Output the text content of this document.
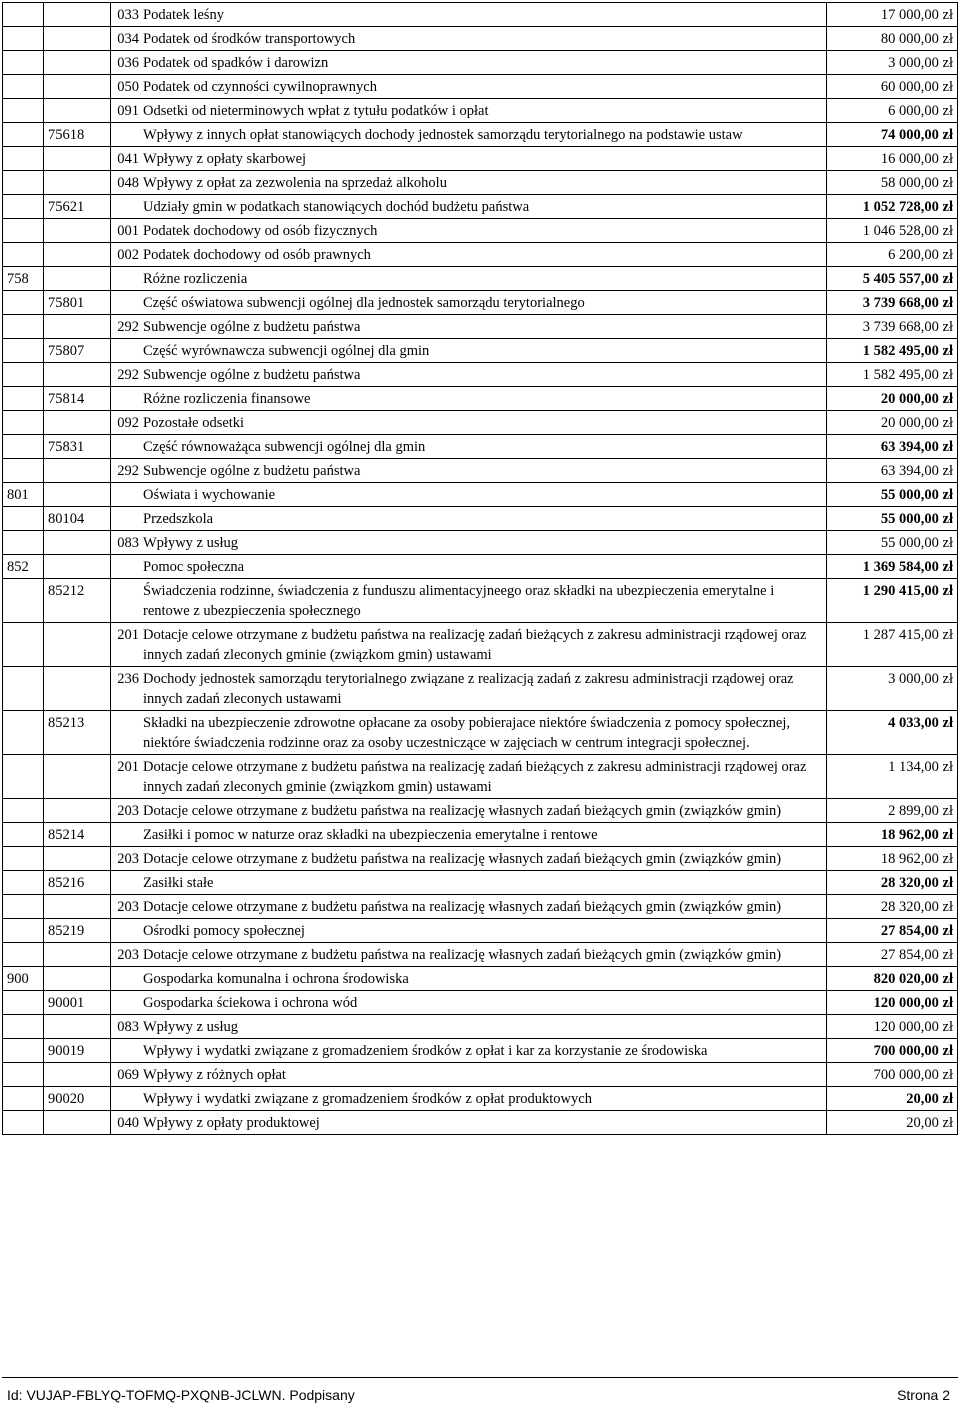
		033	Podatek leśny	17 000,00 zł
		034	Podatek od środków transportowych	80 000,00 zł
		036	Podatek od spadków i darowizn	3 000,00 zł
		050	Podatek od czynności cywilnoprawnych	60 000,00 zł
		091	Odsetki od nieterminowych wpłat z tytułu podatków i opłat	6 000,00 zł
	75618		Wpływy z innych opłat stanowiących dochody jednostek samorządu terytorialnego na podstawie ustaw	74 000,00 zł
		041	Wpływy z opłaty skarbowej	16 000,00 zł
		048	Wpływy z opłat za zezwolenia na sprzedaż alkoholu	58 000,00 zł
	75621		Udziały gmin w podatkach stanowiących dochód budżetu państwa	1 052 728,00 zł
		001	Podatek dochodowy od osób fizycznych	1 046 528,00 zł
		002	Podatek dochodowy od osób prawnych	6 200,00 zł
758			Różne rozliczenia	5 405 557,00 zł
	75801		Część oświatowa subwencji ogólnej dla jednostek samorządu terytorialnego	3 739 668,00 zł
		292	Subwencje ogólne z budżetu państwa	3 739 668,00 zł
	75807		Część wyrównawcza subwencji ogólnej dla gmin	1 582 495,00 zł
		292	Subwencje ogólne z budżetu państwa	1 582 495,00 zł
	75814		Różne rozliczenia finansowe	20 000,00 zł
		092	Pozostałe odsetki	20 000,00 zł
	75831		Część równoważąca subwencji ogólnej dla gmin	63 394,00 zł
		292	Subwencje ogólne z budżetu państwa	63 394,00 zł
801			Oświata i wychowanie	55 000,00 zł
	80104		Przedszkola	55 000,00 zł
		083	Wpływy z usług	55 000,00 zł
852			Pomoc społeczna	1 369 584,00 zł
	85212		Świadczenia rodzinne, świadczenia z funduszu alimentacyjneego oraz składki na ubezpieczenia emerytalne i rentowe z ubezpieczenia społecznego	1 290 415,00 zł
		201	Dotacje celowe otrzymane z budżetu państwa na realizację zadań bieżących z zakresu administracji rządowej oraz innych zadań zleconych gminie (związkom gmin) ustawami	1 287 415,00 zł
		236	Dochody jednostek samorządu terytorialnego związane z realizacją zadań z zakresu administracji rządowej oraz innych zadań zleconych ustawami	3 000,00 zł
	85213		Składki na ubezpieczenie zdrowotne opłacane za osoby pobierajace niektóre świadczenia z pomocy społecznej, niektóre świadczenia rodzinne oraz za osoby uczestniczące w zajęciach w centrum integracji społecznej.	4 033,00 zł
		201	Dotacje celowe otrzymane z budżetu państwa na realizację zadań bieżących z zakresu administracji rządowej oraz innych zadań zleconych gminie (związkom gmin) ustawami	1 134,00 zł
		203	Dotacje celowe otrzymane z budżetu państwa na realizację własnych zadań bieżących gmin (związków gmin)	2 899,00 zł
	85214		Zasiłki i pomoc w naturze oraz składki na ubezpieczenia emerytalne i rentowe	18 962,00 zł
		203	Dotacje celowe otrzymane z budżetu państwa na realizację własnych zadań bieżących gmin (związków gmin)	18 962,00 zł
	85216		Zasiłki stałe	28 320,00 zł
		203	Dotacje celowe otrzymane z budżetu państwa na realizację własnych zadań bieżących gmin (związków gmin)	28 320,00 zł
	85219		Ośrodki pomocy społecznej	27 854,00 zł
		203	Dotacje celowe otrzymane z budżetu państwa na realizację własnych zadań bieżących gmin (związków gmin)	27 854,00 zł
900			Gospodarka komunalna i ochrona środowiska	820 020,00 zł
	90001		Gospodarka ściekowa i ochrona wód	120 000,00 zł
		083	Wpływy z usług	120 000,00 zł
	90019		Wpływy i wydatki związane z gromadzeniem środków z opłat i kar za korzystanie ze środowiska	700 000,00 zł
		069	Wpływy z różnych opłat	700 000,00 zł
	90020		Wpływy i wydatki związane z gromadzeniem środków z opłat produktowych	20,00 zł
		040	Wpływy z opłaty produktowej	20,00 zł
Id: VUJAP-FBLYQ-TOFMQ-PXQNB-JCLWN. Podpisany	Strona 2
